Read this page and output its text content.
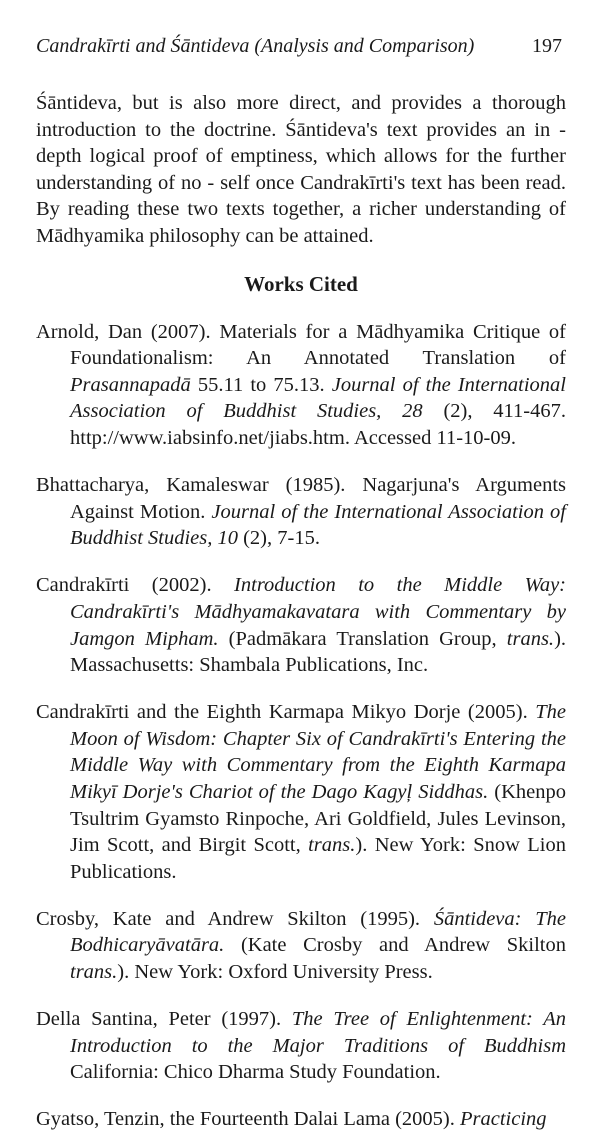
Candrakīrti and Śāntideva (Analysis and Comparison)	197

Śāntideva, but is also more direct, and provides a thorough introduction to the doctrine. Śāntideva's text provides an in - depth logical proof of emptiness, which allows for the further understanding of no - self once Candrakīrti's text has been read. By reading these two texts together, a richer understanding of Mādhyamika philosophy can be attained.

Works Cited

Arnold, Dan (2007). Materials for a Mādhyamika Critique of Foundationalism: An Annotated Translation of Prasannapadā 55.11 to 75.13. Journal of the International Association of Buddhist Studies, 28 (2), 411-467. http://www.iabsinfo.net/jiabs.htm. Accessed 11-10-09.

Bhattacharya, Kamaleswar (1985). Nagarjuna's Arguments Against Motion. Journal of the International Association of Buddhist Studies, 10 (2), 7-15.

Candrakīrti (2002). Introduction to the Middle Way: Candrakīrti's Mādhyamakavatara with Commentary by Jamgon Mipham. (Padmākara Translation Group, trans.). Massachusetts: Shambala Publications, Inc.

Candrakīrti and the Eighth Karmapa Mikyo Dorje (2005). The Moon of Wisdom: Chapter Six of Candrakīrti's Entering the Middle Way with Commentary from the Eighth Karmapa Mikyī Dorje's Chariot of the Dago Kagyļ Siddhas. (Khenpo Tsultrim Gyamsto Rinpoche, Ari Goldfield, Jules Levinson, Jim Scott, and Birgit Scott, trans.). New York: Snow Lion Publications.

Crosby, Kate and Andrew Skilton (1995). Śāntideva: The Bodhicaryāvatāra. (Kate Crosby and Andrew Skilton trans.). New York: Oxford University Press.

Della Santina, Peter (1997). The Tree of Enlightenment: An Introduction to the Major Traditions of Buddhism California: Chico Dharma Study Foundation.

Gyatso, Tenzin, the Fourteenth Dalai Lama (2005). Practicing
